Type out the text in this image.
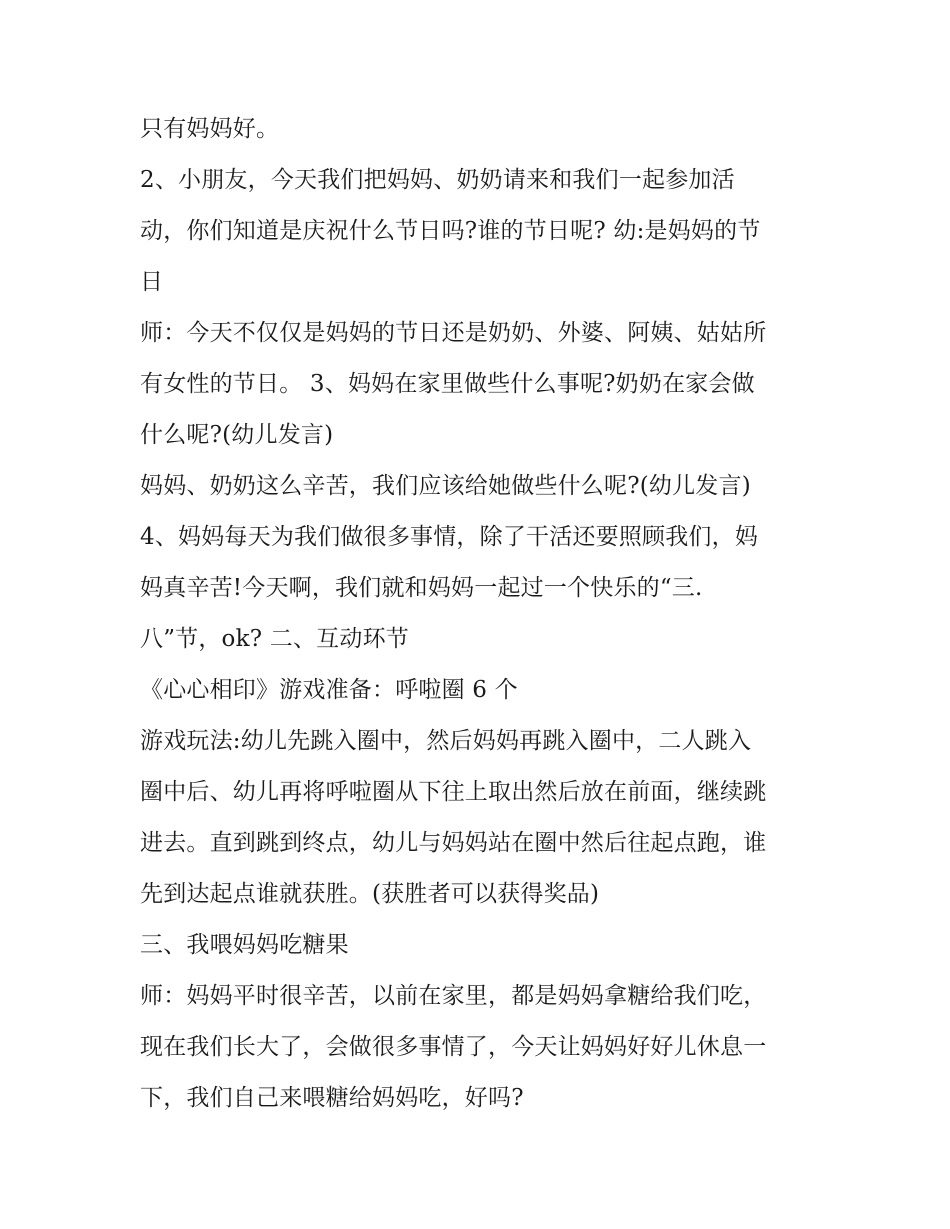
只有妈妈好。
2、小朋友，今天我们把妈妈、奶奶请来和我们一起参加活
动，你们知道是庆祝什么节日吗?谁的节日呢? 幼:是妈妈的节
日
师：今天不仅仅是妈妈的节日还是奶奶、外婆、阿姨、姑姑所
有女性的节日。 3、妈妈在家里做些什么事呢?奶奶在家会做
什么呢?(幼儿发言)
妈妈、奶奶这么辛苦，我们应该给她做些什么呢?(幼儿发言)
4、妈妈每天为我们做很多事情，除了干活还要照顾我们，妈
妈真辛苦!今天啊，我们就和妈妈一起过一个快乐的“三.
八”节，ok? 二、互动环节
《心心相印》游戏准备：呼啦圈 6 个
游戏玩法:幼儿先跳入圈中，然后妈妈再跳入圈中，二人跳入
圈中后、幼儿再将呼啦圈从下往上取出然后放在前面，继续跳
进去。直到跳到终点，幼儿与妈妈站在圈中然后往起点跑，谁
先到达起点谁就获胜。(获胜者可以获得奖品)
三、我喂妈妈吃糖果
师：妈妈平时很辛苦，以前在家里，都是妈妈拿糖给我们吃，
现在我们长大了，会做很多事情了，今天让妈妈好好儿休息一
下，我们自己来喂糖给妈妈吃，好吗?
